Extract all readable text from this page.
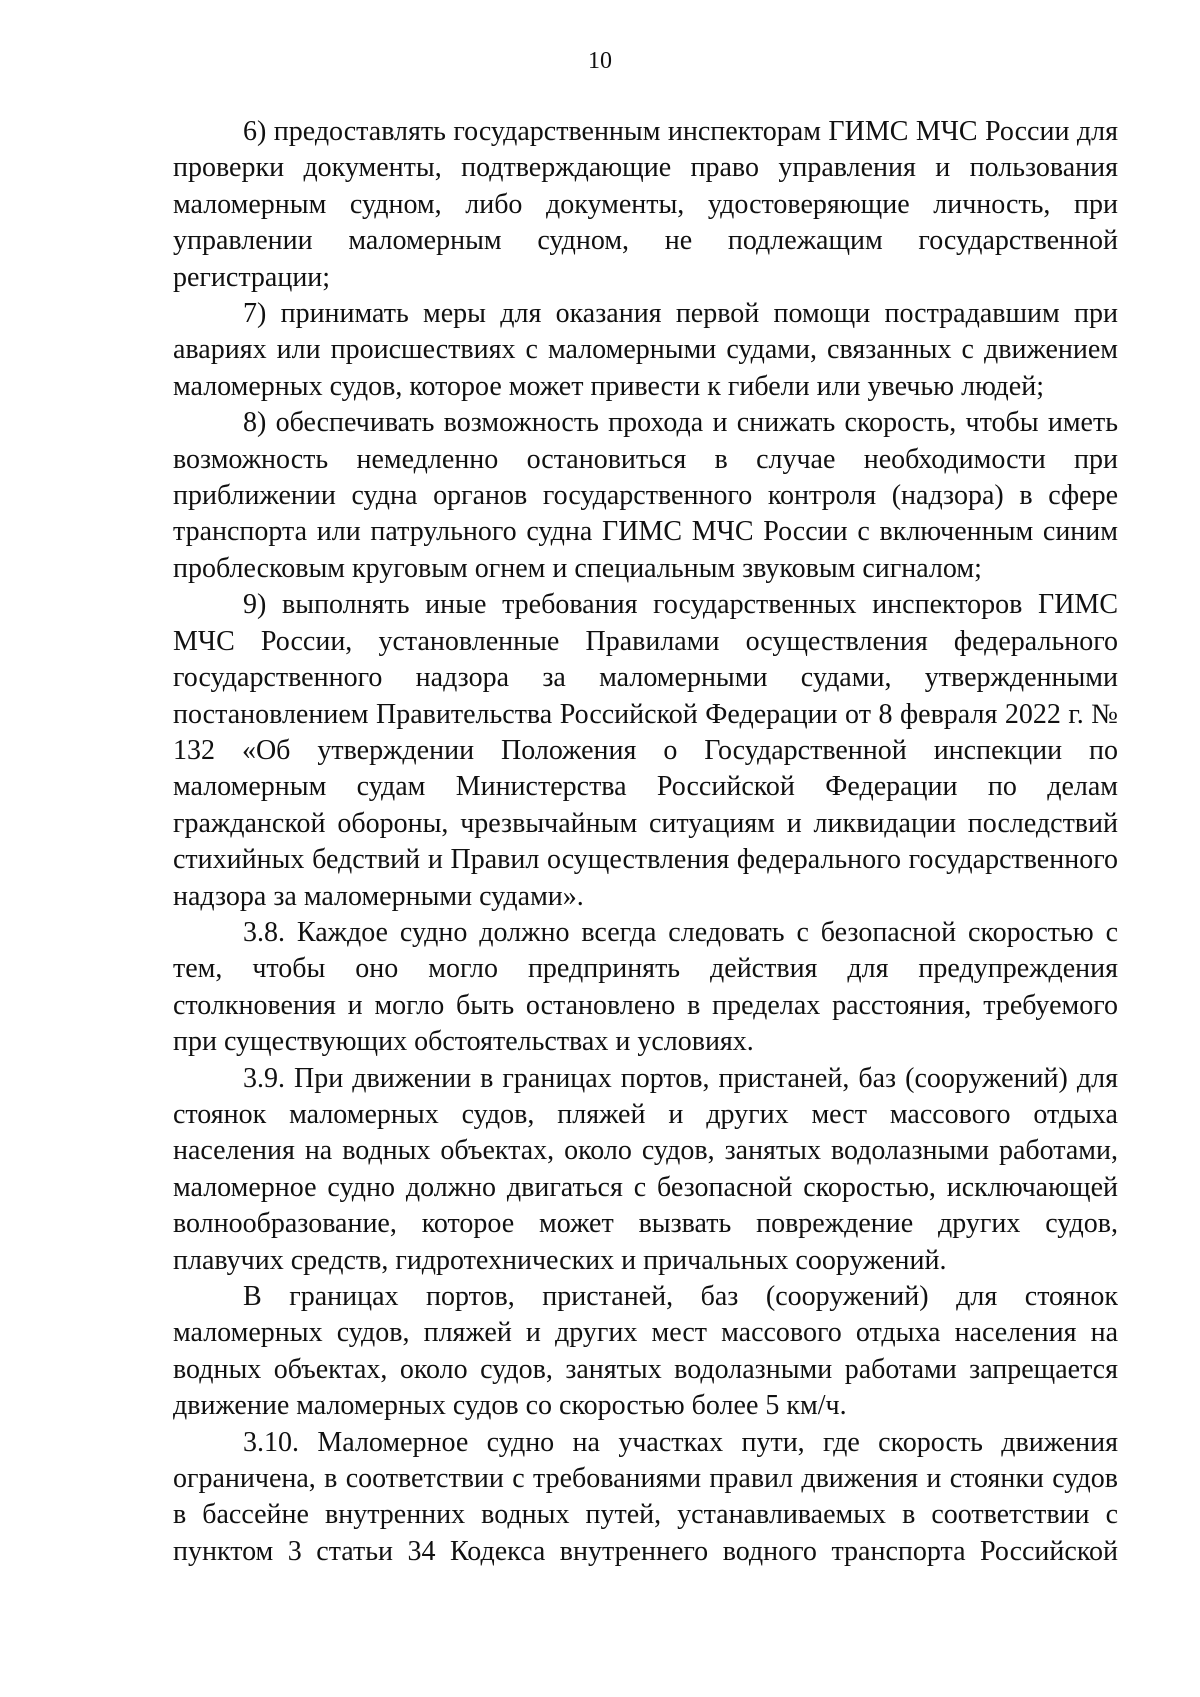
10

6) предоставлять государственным инспекторам ГИМС МЧС России для проверки документы, подтверждающие право управления и пользования маломерным судном, либо документы, удостоверяющие личность, при управлении маломерным судном, не подлежащим государственной регистрации;

7) принимать меры для оказания первой помощи пострадавшим при авариях или происшествиях с маломерными судами, связанных с движением маломерных судов, которое может привести к гибели или увечью людей;

8) обеспечивать возможность прохода и снижать скорость, чтобы иметь возможность немедленно остановиться в случае необходимости при приближении судна органов государственного контроля (надзора) в сфере транспорта или патрульного судна ГИМС МЧС России с включенным синим проблесковым круговым огнем и специальным звуковым сигналом;

9) выполнять иные требования государственных инспекторов ГИМС МЧС России, установленные Правилами осуществления федерального государственного надзора за маломерными судами, утвержденными постановлением Правительства Российской Федерации от 8 февраля 2022 г. № 132 «Об утверждении Положения о Государственной инспекции по маломерным судам Министерства Российской Федерации по делам гражданской обороны, чрезвычайным ситуациям и ликвидации последствий стихийных бедствий и Правил осуществления федерального государственного надзора за маломерными судами».

3.8. Каждое судно должно всегда следовать с безопасной скоростью с тем, чтобы оно могло предпринять действия для предупреждения столкновения и могло быть остановлено в пределах расстояния, требуемого при существующих обстоятельствах и условиях.

3.9. При движении в границах портов, пристаней, баз (сооружений) для стоянок маломерных судов, пляжей и других мест массового отдыха населения на водных объектах, около судов, занятых водолазными работами, маломерное судно должно двигаться с безопасной скоростью, исключающей волнообразование, которое может вызвать повреждение других судов, плавучих средств, гидротехнических и причальных сооружений.

В границах портов, пристаней, баз (сооружений) для стоянок маломерных судов, пляжей и других мест массового отдыха населения на водных объектах, около судов, занятых водолазными работами запрещается движение маломерных судов со скоростью более 5 км/ч.

3.10. Маломерное судно на участках пути, где скорость движения ограничена, в соответствии с требованиями правил движения и стоянки судов в бассейне внутренних водных путей, устанавливаемых в соответствии с пунктом 3 статьи 34 Кодекса внутреннего водного транспорта Российской
